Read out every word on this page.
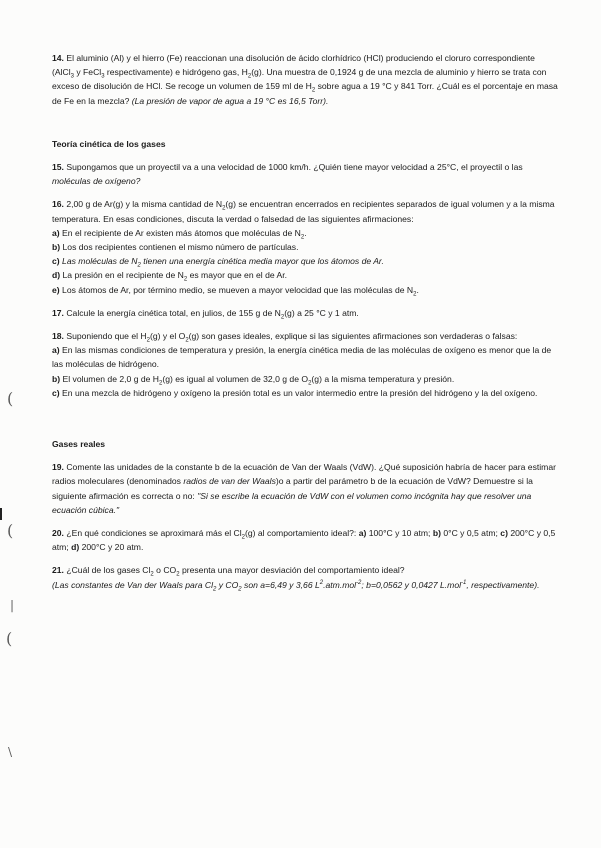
14. El aluminio (Al) y el hierro (Fe) reaccionan una disolución de ácido clorhídrico (HCl) produciendo el cloruro correspondiente
(AlCl$_3$ y FeCl$_3$ respectivamente) e hidrógeno gas, $H_2(g)$. Una muestra de 0,1924 g de una mezcla de aluminio y hierro se trata con
exceso de disolución de HCl. Se recoge un volumen de 159 ml de $H_2$ sobre agua a 19 °C y 841 Torr. ¿Cuál es el porcentaje en masa
de Fe en la mezcla? (La presión de vapor de agua a 19 °C es 16,5 Torr).
Teoría cinética de los gases
15. Supongamos que un proyectil va a una velocidad de 1000 km/h. ¿Quién tiene mayor velocidad a 25°C, el proyectil o las
moléculas de oxígeno?
16. 2,00 g de Ar(g) y la misma cantidad de $N_2(g)$ se encuentran encerrados en recipientes separados de igual volumen y a la misma
temperatura. En esas condiciones, discuta la verdad o falsedad de las siguientes afirmaciones:
a) En el recipiente de Ar existen más átomos que moléculas de $N_2$.
b) Los dos recipientes contienen el mismo número de partículas.
c) Las moléculas de $N_2$ tienen una energía cinética media mayor que los átomos de Ar.
d) La presión en el recipiente de $N_2$ es mayor que en el de Ar.
e) Los átomos de Ar, por término medio, se mueven a mayor velocidad que las moléculas de $N_2$.
17. Calcule la energía cinética total, en julios, de 155 g de $N_2(g)$ a 25 °C y 1 atm.
18. Suponiendo que el $H_2(g)$ y el $O_2(g)$ son gases ideales, explique si las siguientes afirmaciones son verdaderas o falsas:
a) En las mismas condiciones de temperatura y presión, la energía cinética media de las moléculas de oxígeno es menor que la de
las moléculas de hidrógeno.
b) El volumen de 2,0 g de $H_2(g)$ es igual al volumen de 32,0 g de $O_2(g)$ a la misma temperatura y presión.
c) En una mezcla de hidrógeno y oxígeno la presión total es un valor intermedio entre la presión del hidrógeno y la del oxígeno.
Gases reales
19. Comente las unidades de la constante b de la ecuación de Van der Waals (VdW). ¿Qué suposición habría de hacer para estimar
radios moleculares (denominados radios de van der Waals)o a partir del parámetro b de la ecuación de VdW? Demuestre si la
siguiente afirmación es correcta o no: "Si se escribe la ecuación de VdW con el volumen como incógnita hay que resolver una
ecuación cúbica."
20. ¿En qué condiciones se aproximará más el $Cl_2(g)$ al comportamiento ideal?: a) 100°C y 10 atm; b) 0°C y 0,5 atm; c) 200°C y 0,5
atm; d) 200°C y 20 atm.
21. ¿Cuál de los gases $Cl_2$ o $CO_2$ presenta una mayor desviación del comportamiento ideal?
(Las constantes de Van der Waals para $Cl_2$ y $CO_2$ son a=6,49 y 3,66 $L^2.atm.mol^{-2}$; b=0,0562 y 0,0427 L.mol$^{-1}$, respectivamente).
(
(
|
(
\
